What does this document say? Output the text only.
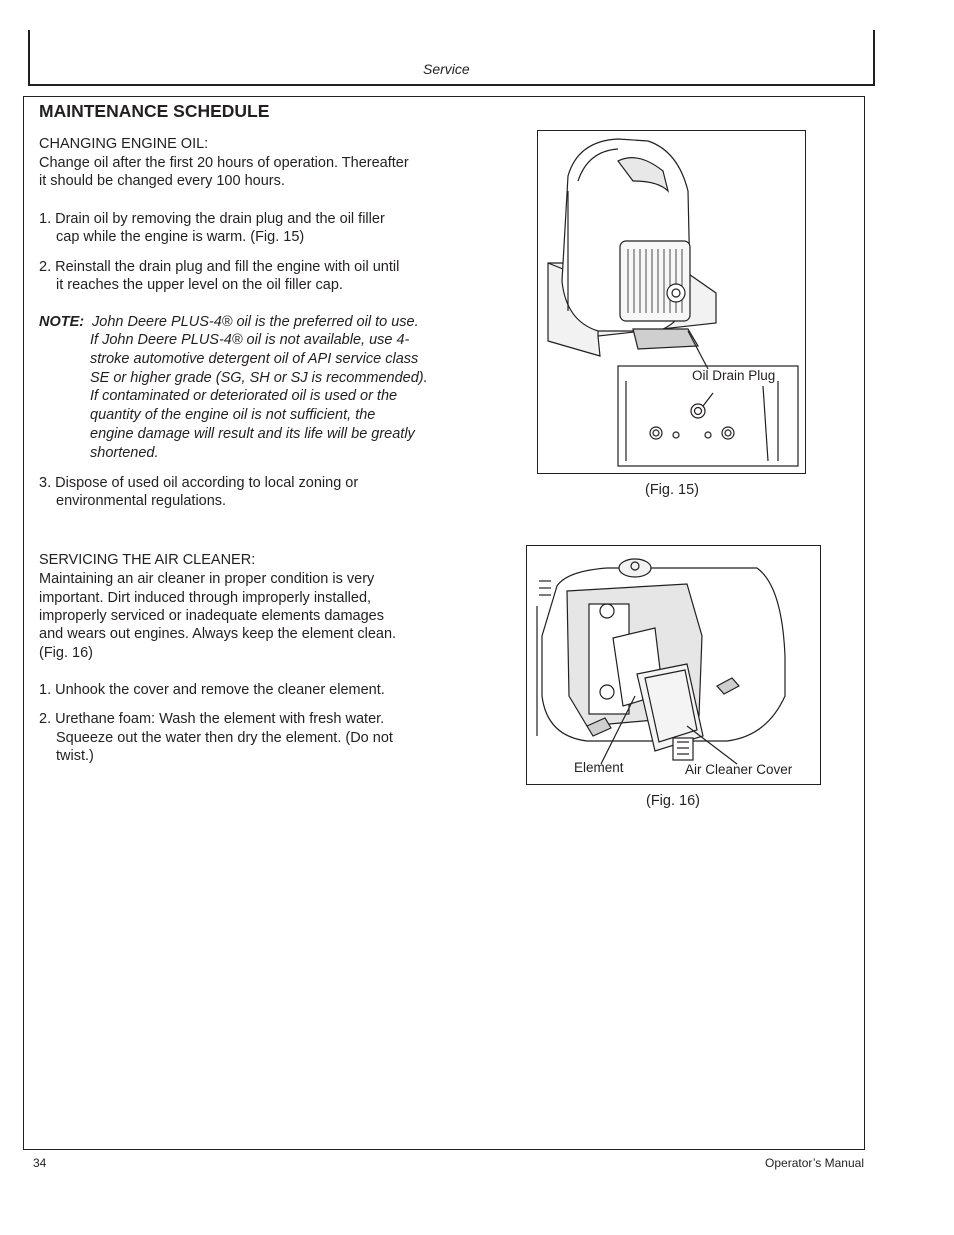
Service
MAINTENANCE SCHEDULE
CHANGING ENGINE OIL:
Change oil after the first 20 hours of operation. Thereafter
it should be changed every 100 hours.
1. Drain oil by removing the drain plug and the oil filler
cap while the engine is warm. (Fig. 15)
2. Reinstall the drain plug and fill the engine with oil until
it reaches the upper level on the oil filler cap.
NOTE: John Deere PLUS-4® oil is the preferred oil to use.
If John Deere PLUS-4® oil is not available, use 4-
stroke automotive detergent oil of API service class
SE or higher grade (SG, SH or SJ is recommended).
If contaminated or deteriorated oil is used or the
quantity of the engine oil is not sufficient, the
engine damage will result and its life will be greatly
shortened.
3. Dispose of used oil according to local zoning or
environmental regulations.
SERVICING THE AIR CLEANER:
Maintaining an air cleaner in proper condition is very
important. Dirt induced through improperly installed,
improperly serviced or inadequate elements damages
and wears out engines. Always keep the element clean.
(Fig. 16)
1. Unhook the cover and remove the cleaner element.
2. Urethane foam: Wash the element with fresh water.
Squeeze out the water then dry the element. (Do not
twist.)
Oil Drain Plug
(Fig. 15)
Element	Air Cleaner Cover
(Fig. 16)
34	Operator’s Manual
